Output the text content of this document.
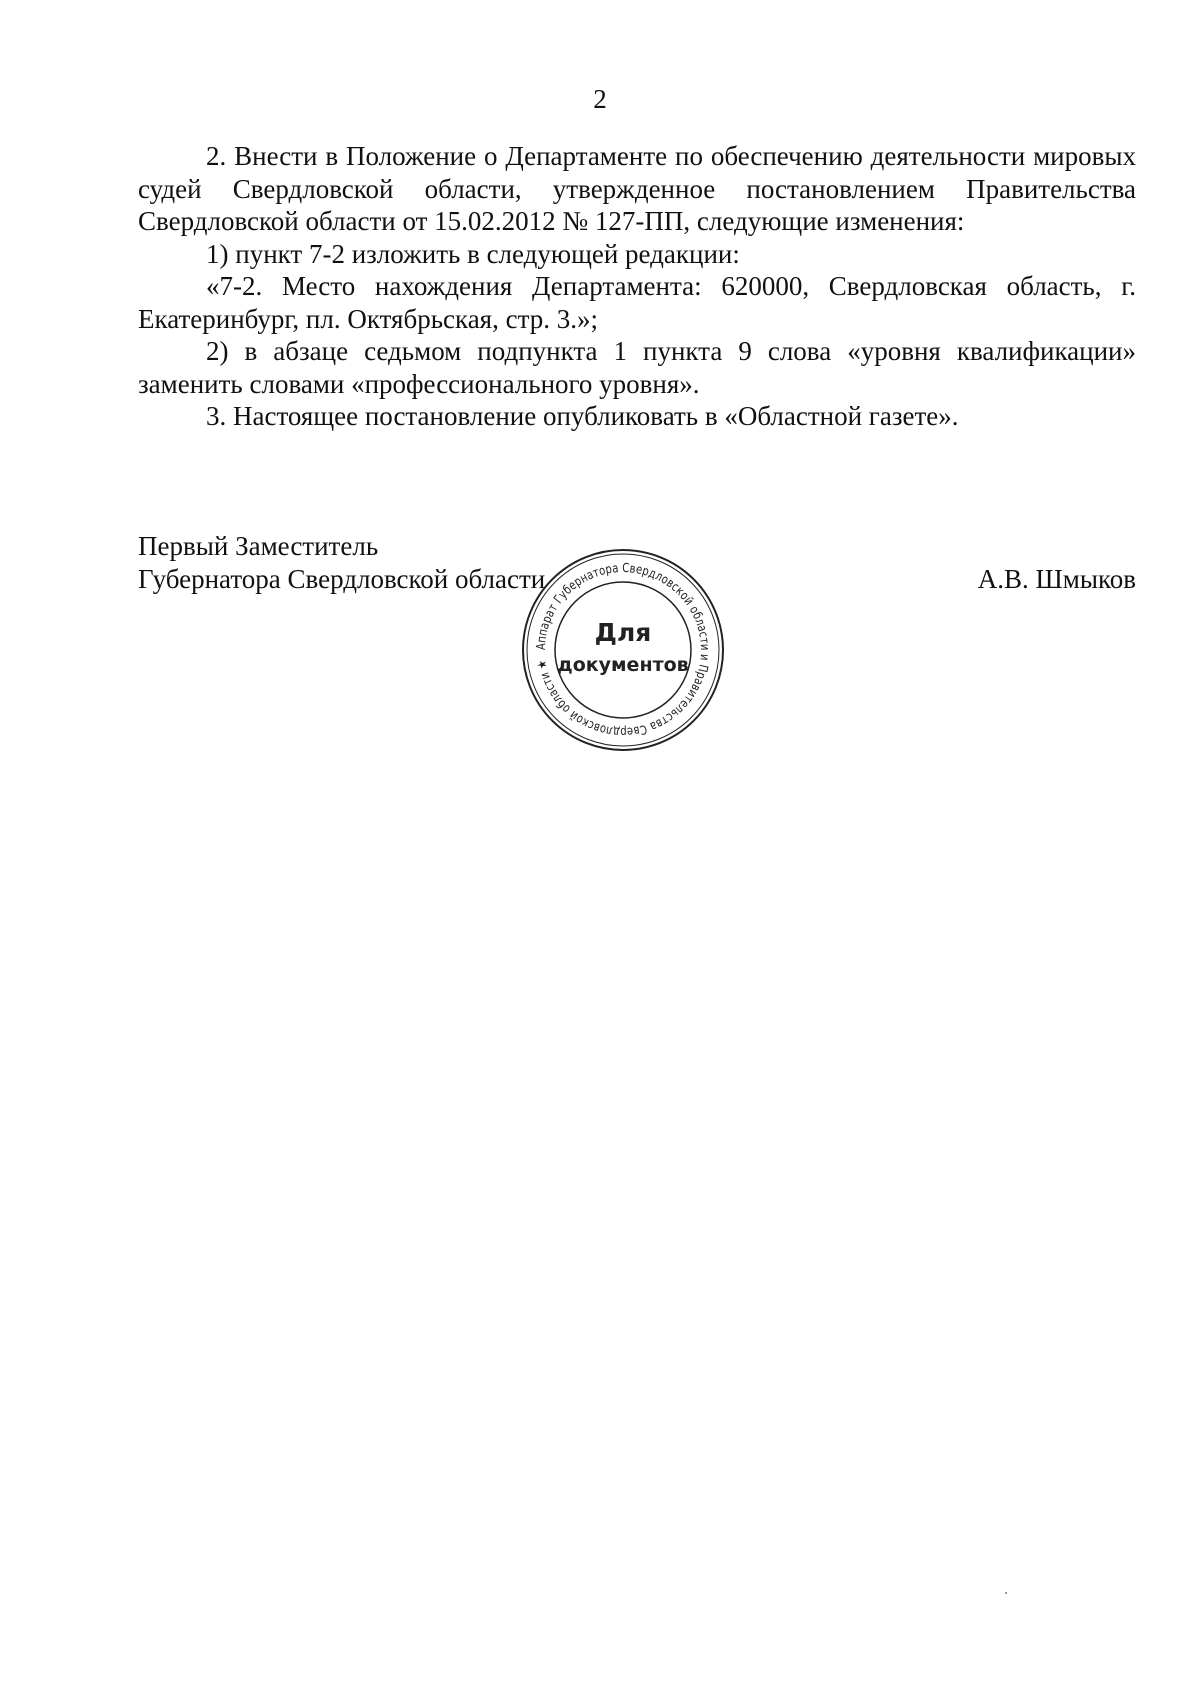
2

2. Внести в Положение о Департаменте по обеспечению деятельности мировых судей Свердловской области, утвержденное постановлением Правительства Свердловской области от 15.02.2012 № 127-ПП, следующие изменения:

1) пункт 7-2 изложить в следующей редакции:

«7-2. Место нахождения Департамента: 620000, Свердловская область, г. Екатеринбург, пл. Октябрьская, стр. 3.»;

2) в абзаце седьмом подпункта 1 пункта 9 слова «уровня квалификации» заменить словами «профессионального уровня».

3. Настоящее постановление опубликовать в «Областной газете».

Первый Заместитель
Губернатора Свердловской области	А.В. Шмыков
Аппарат Губернатора Свердловской области и Правительства Свердловской области ★
Для
документов
